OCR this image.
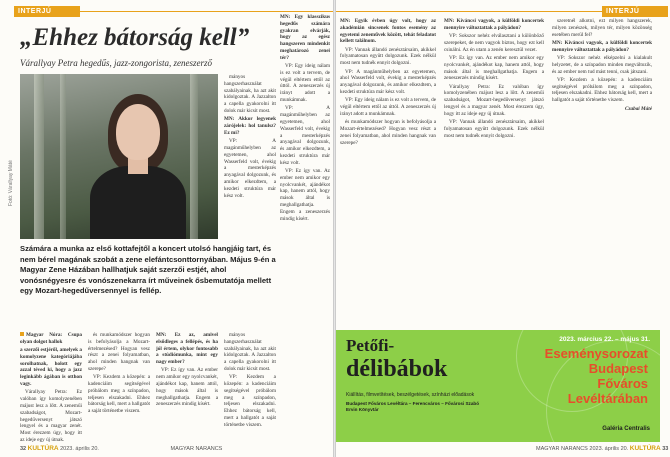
INTERJÚ
„Ehhez bátorság kell”
Várallyay Petra hegedűs, jazz-zongorista, zeneszerző
Fotó: Várallyay Máté

mányos hangszerhasználat szabályainak, ha azt akit kidolgoztak. A Jazzalton a capella gyakorolni itt dolok már kicsit most.

MN: Akkor legyenek zárójelek: hol tanulsz? Ez mi?

VP: A magánműhelyben az egyetemen, ahol Wasserfeld volt, évekig a mesterképzés anyagával dolgozunk, és amikor elkezdtem, a kezdeti struktúra már kész volt.

MN: Egy klasszikus hegedűs számára gyakran elvárják, hogy az egész hangszeren mindenkit meghatározó zenei tér?

VP: Egy ideig nálam is ez volt a tervem, de végül eltértem ettől az úttól. A zeneszerzés új irányt adott a munkámnak.

VP: A magánműhelyben az egyetemen, ahol Wasserfeld volt, évekig a mesterképzés anyagával dolgozunk, és amikor elkezdtem, a kezdeti struktúra már kész volt.

VP: Ez így van. Az ember nem amikor egy nyolcvankét, ajándékot kap, hanem attól, hogy mások által is meghallgathatja. Engem a zeneszerzés mindig kísért.

Számára a munka az első kottafejtől a koncert utolsó hangjáig tart, és nem bérel magának szobát a zene elefántcsonttornyában. Május 9-én a Magyar Zene Házában hallhatjuk saját szerzői estjét, ahol vonósnégyesre és vonószenekarra írt műveinek ősbemutatója mellett egy Mozart-hegedűversennyel is fellép.

Magyar Nóra: Csupa olyan dolgot hallok

a szerzői estjéről, amelyek a komolyzene kategóriájába sorolhatnak, holott egy azzal téved ki, hogy a jazz leginkább ágában is otthon vagy.

Várallyay Petra: Ez valóban így komolyzenében májust lesz a lőtt. A zeneműi szabadságot, Mozart-hegedűversenyt játszó lengyel és a magyar zenét. Most érezzem úgy, hogy itt az ideje egy új útnak.

és munkamódszer hogyan is befolyásolja a Mozart-értelmezésed? Hogyan vesz részt a zenei folyamatban, ahol minden hangnak van szerepe?

VP: Kezdem a közepén: a kadenciáim segítségével próbálom meg a színpadon, teljesen elszakadni. Ehhez bátorság kell, mert a hallgatót a saját történetbe viszem.

MN: Ez az, amivel elsődleges a fellépés, és ha jól értem, olykor fontosabb a stúdiómunka, mint egy nagy ember?

VP: Ez így van. Az ember nem amikor egy nyolcvankét, ajándékot kap, hanem attól, hogy mások által is meghallgathatja. Engem a zeneszerzés mindig kísért.

mányos hangszerhasználat szabályainak, ha azt akit kidolgoztak. A Jazzalton a capella gyakorolni itt dolok már kicsit most.

VP: Kezdem a közepén: a kadenciáim segítségével próbálom meg a színpadon, teljesen elszakadni. Ehhez bátorság kell, mert a hallgatót a saját történetbe viszem.

32 KULTÚRA 2023. április 20.	MAGYAR NARANCS
INTERJÚ

MN: Egyik évben úgy volt, hogy az akadémián sincsenek fontos esemény az egyetemi zeneművek között, tehát feladatot kellett találnom.

VP: Vannak állandó zenésztársaim, akikkel folyamatosan együtt dolgozunk. Ezek nélkül most nem tudnék ennyit dolgozni.

VP: A magánműhelyben az egyetemen, ahol Wasserfeld volt, évekig a mesterképzés anyagával dolgozunk, és amikor elkezdtem, a kezdeti struktúra már kész volt.

VP: Egy ideig nálam is ez volt a tervem, de végül eltértem ettől az úttól. A zeneszerzés új irányt adott a munkámnak.

és munkamódszer hogyan is befolyásolja a Mozart-értelmezésed? Hogyan vesz részt a zenei folyamatban, ahol minden hangnak van szerepe?

MN: Kíváncsi vagyok, a külföldi koncertek mennyire változtattak a pályádon?

VP: Sokszor nehéz elválasztani a különböző szerepeket, de nem vagyok biztos, hogy ezt kell csinálni. Az én utam a zenén keresztül vezet.

VP: Ez így van. Az ember nem amikor egy nyolcvankét, ajándékot kap, hanem attól, hogy mások által is meghallgathatja. Engem a zeneszerzés mindig kísért.

Várallyay Petra: Ez valóban így komolyzenében májust lesz a lőtt. A zeneműi szabadságot, Mozart-hegedűversenyt játszó lengyel és a magyar zenét. Most érezzem úgy, hogy itt az ideje egy új útnak.

VP: Vannak állandó zenésztársaim, akikkel folyamatosan együtt dolgozunk. Ezek nélkül most nem tudnék ennyit dolgozni.

szeretnél alkotni, ezt milyen hangszerek, milyen zenészek, milyen tér, milyen közönség esetében merül fel?

MN: Kíváncsi vagyok, a külföldi koncertek mennyire változtattak a pályádon?

VP: Sokszor nehéz elképzelni a kialakult helyzetet, de a színpadon minden megváltozik, és az ember nem tud mást tenni, csak játszani.

VP: Kezdem a közepén: a kadenciáim segítségével próbálom meg a színpadon, teljesen elszakadni. Ehhez bátorság kell, mert a hallgatót a saját történetbe viszem.

Czabai Máté

Petőfi-
délibábok
Kiállítás, filmvetítések, beszélgetések, színházi előadások
Budapest Főváros Levéltára – Ferencváros – Fővárosi Szabó Ervin Könyvtár
2023. március 22. – május 31.
Eseménysorozat Budapest Főváros Levéltárában
Galéria Centralis
MAGYAR NARANCS 2023. április 20. KULTÚRA 33
